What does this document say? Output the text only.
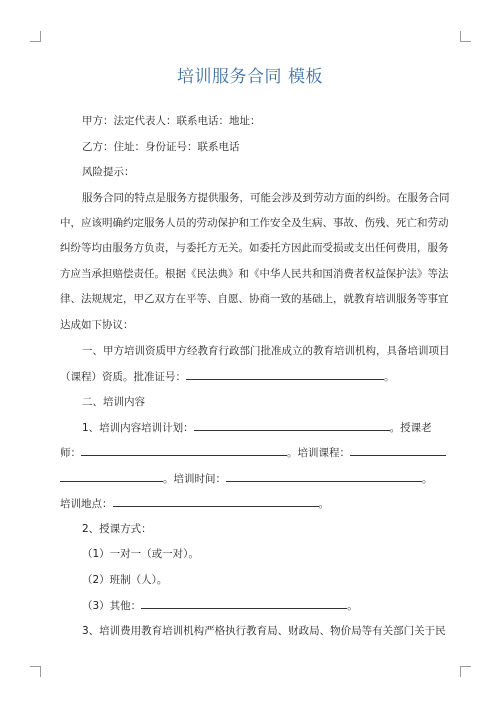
培训服务合同 模板
甲方：法定代表人：联系电话：地址：
乙方：住址：身份证号：联系电话
风险提示：
服务合同的特点是服务方提供服务，可能会涉及到劳动方面的纠纷。在服务合同
中，应该明确约定服务人员的劳动保护和工作安全及生病、事故、伤残、死亡和劳动
纠纷等均由服务方负责，与委托方无关。如委托方因此而受损或支出任何费用，服务
方应当承担赔偿责任。根据《民法典》和《中华人民共和国消费者权益保护法》等法
律、法规规定，甲乙双方在平等、自愿、协商一致的基础上，就教育培训服务等事宜
达成如下协议：
一、甲方培训资质甲方经教育行政部门批准成立的教育培训机构，具备培训项目
（课程）资质。批准证号：	。
二、培训内容
1、培训内容培训计划：	。授课老
师：	。培训课程：
。培训时间：	。
培训地点：	。
2、授课方式：
（1）一对一（或一对）。
（2）班制（人）。
（3）其他：	。
3、培训费用教育培训机构严格执行教育局、财政局、物价局等有关部门关于民
